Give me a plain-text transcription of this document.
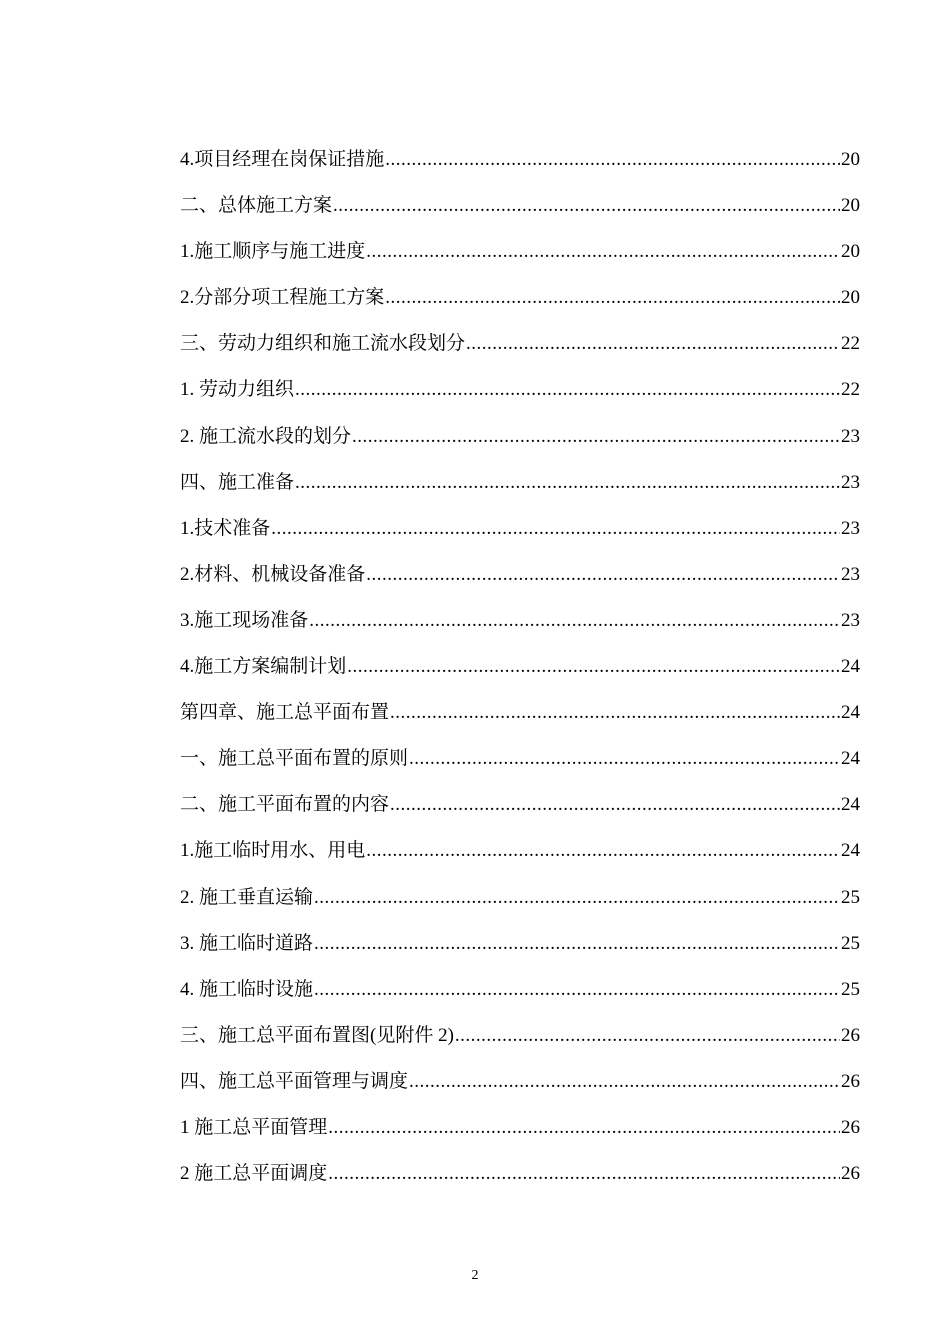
4.项目经理在岗保证措施 .....	20
二、总体施工方案 .....	20
1.施工顺序与施工进度 .....	20
2.分部分项工程施工方案 .....	20
三、劳动力组织和施工流水段划分 .....	22
1. 劳动力组织 .....	22
2. 施工流水段的划分 .....	23
四、施工准备 .....	23
1.技术准备 .....	23
2.材料、机械设备准备 .....	23
3.施工现场准备 .....	23
4.施工方案编制计划 .....	24
第四章、施工总平面布置 .....	24
一、施工总平面布置的原则 .....	24
二、施工平面布置的内容 .....	24
1.施工临时用水、用电 .....	24
2. 施工垂直运输 .....	25
3. 施工临时道路 .....	25
4. 施工临时设施 .....	25
三、施工总平面布置图(见附件 2) .....	26
四、施工总平面管理与调度 .....	26
1 施工总平面管理 .....	26
2 施工总平面调度 .....	26
2
